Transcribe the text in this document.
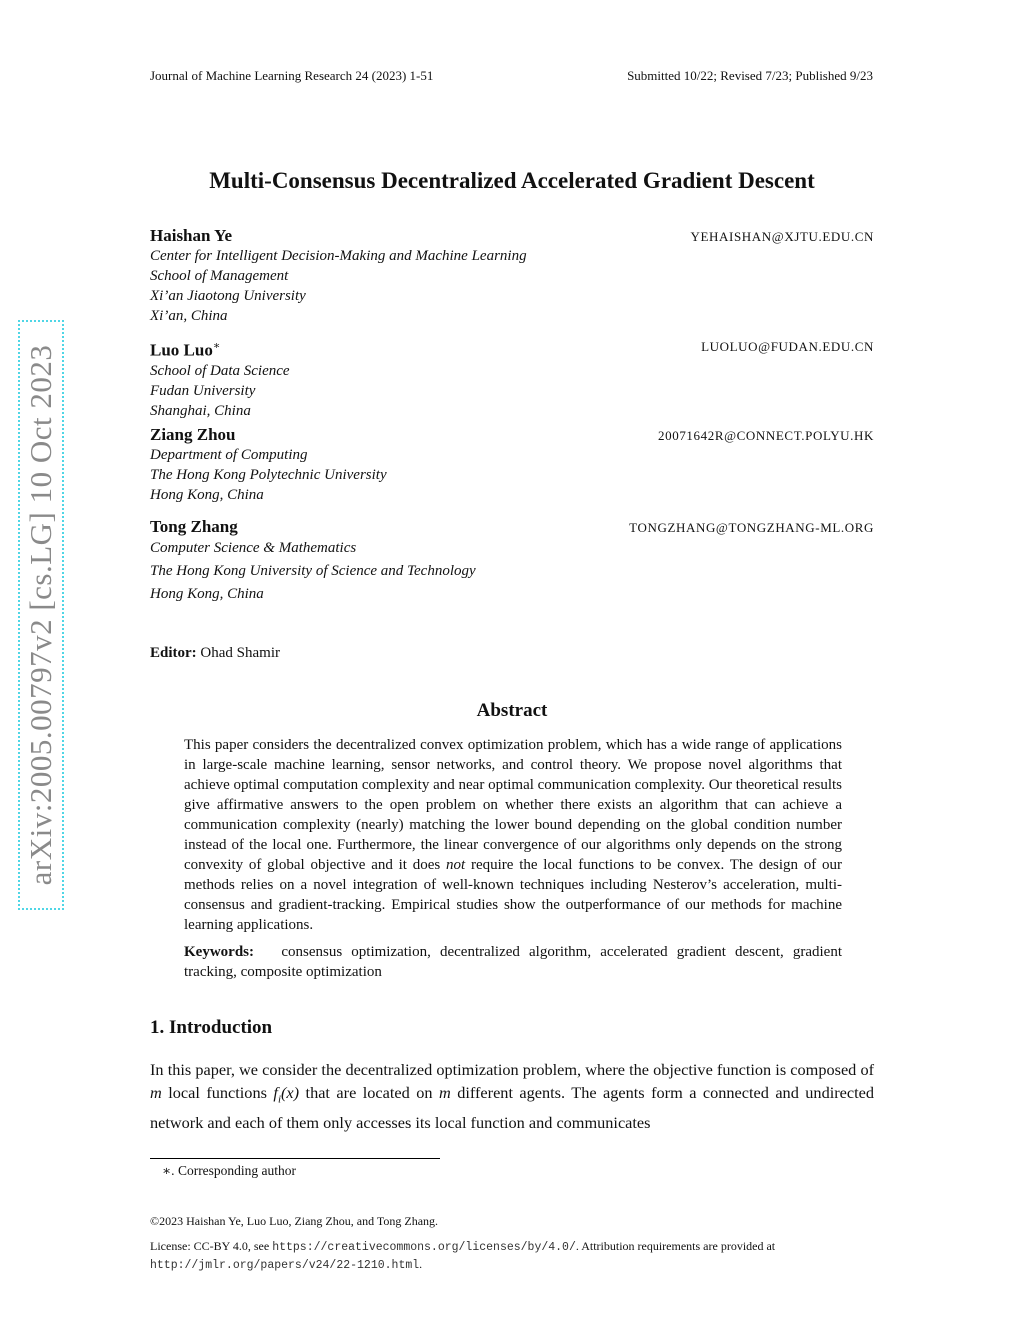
Journal of Machine Learning Research 24 (2023) 1-51	Submitted 10/22; Revised 7/23; Published 9/23
Multi-Consensus Decentralized Accelerated Gradient Descent
arXiv:2005.00797v2 [cs.LG] 10 Oct 2023
Haishan Ye	YEHAISHAN@XJTU.EDU.CN
Center for Intelligent Decision-Making and Machine Learning
School of Management
Xi’an Jiaotong University
Xi’an, China
Luo Luo∗	LUOLUO@FUDAN.EDU.CN
School of Data Science
Fudan University
Shanghai, China
Ziang Zhou	20071642R@CONNECT.POLYU.HK
Department of Computing
The Hong Kong Polytechnic University
Hong Kong, China
Tong Zhang	TONGZHANG@TONGZHANG-ML.ORG
Computer Science & Mathematics
The Hong Kong University of Science and Technology
Hong Kong, China
Editor: Ohad Shamir
Abstract
This paper considers the decentralized convex optimization problem, which has a wide range of applications in large-scale machine learning, sensor networks, and control theory. We propose novel algorithms that achieve optimal computation complexity and near optimal communication complexity. Our theoretical results give affirmative answers to the open problem on whether there exists an algorithm that can achieve a communication complexity (nearly) matching the lower bound depending on the global condition number instead of the local one. Furthermore, the linear convergence of our algorithms only depends on the strong convexity of global objective and it does not require the local functions to be convex. The design of our methods relies on a novel integration of well-known techniques including Nesterov’s acceleration, multi-consensus and gradient-tracking. Empirical studies show the outperformance of our methods for machine learning applications.
Keywords: consensus optimization, decentralized algorithm, accelerated gradient descent, gradient tracking, composite optimization
1. Introduction
In this paper, we consider the decentralized optimization problem, where the objective function is composed of m local functions $f_i(x)$ that are located on m different agents. The agents form a connected and undirected network and each of them only accesses its local function and communicates
∗. Corresponding author
©2023 Haishan Ye, Luo Luo, Ziang Zhou, and Tong Zhang.
License: CC-BY 4.0, see https://creativecommons.org/licenses/by/4.0/. Attribution requirements are provided at
http://jmlr.org/papers/v24/22-1210.html.
